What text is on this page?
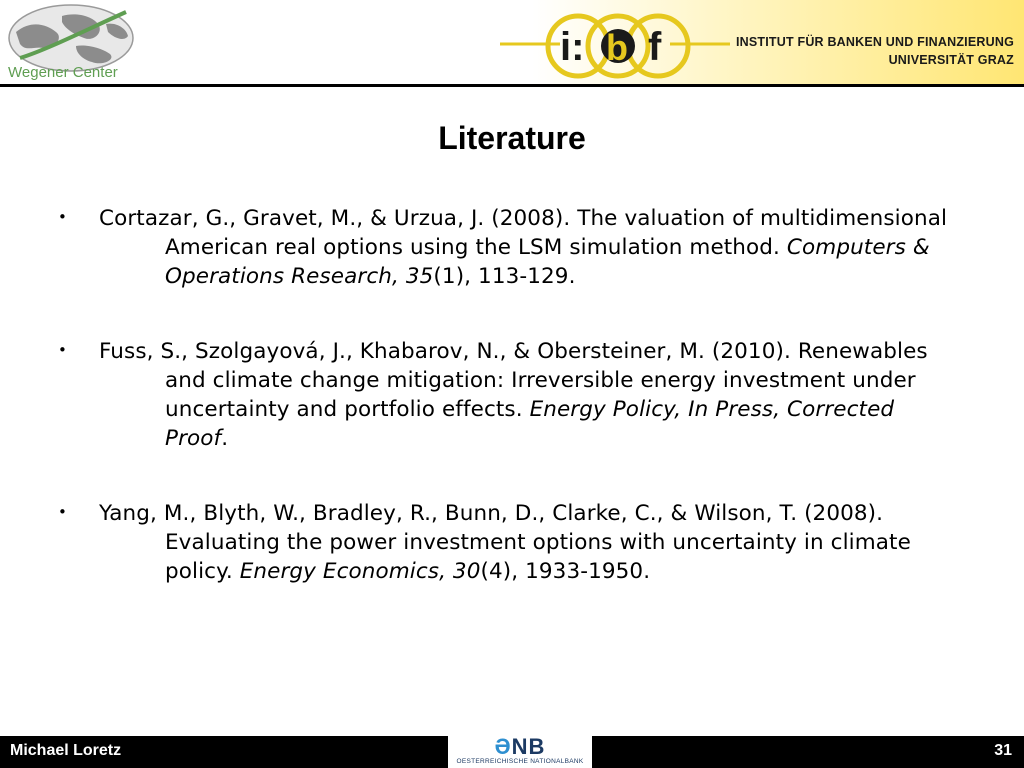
Wegener Center
i: b f	INSTITUT FÜR BANKEN UND FINANZIERUNG
UNIVERSITÄT GRAZ
Literature
• Cortazar, G., Gravet, M., & Urzua, J. (2008). The valuation of multidimensional American real options using the LSM simulation method. Computers & Operations Research, 35(1), 113-129.
• Fuss, S., Szolgayová, J., Khabarov, N., & Obersteiner, M. (2010). Renewables and climate change mitigation: Irreversible energy investment under uncertainty and portfolio effects. Energy Policy, In Press, Corrected Proof.
• Yang, M., Blyth, W., Bradley, R., Bunn, D., Clarke, C., & Wilson, T. (2008). Evaluating the power investment options with uncertainty in climate policy. Energy Economics, 30(4), 1933-1950.
Michael Loretz	ƏNB
OESTERREICHISCHE NATIONALBANK
31
